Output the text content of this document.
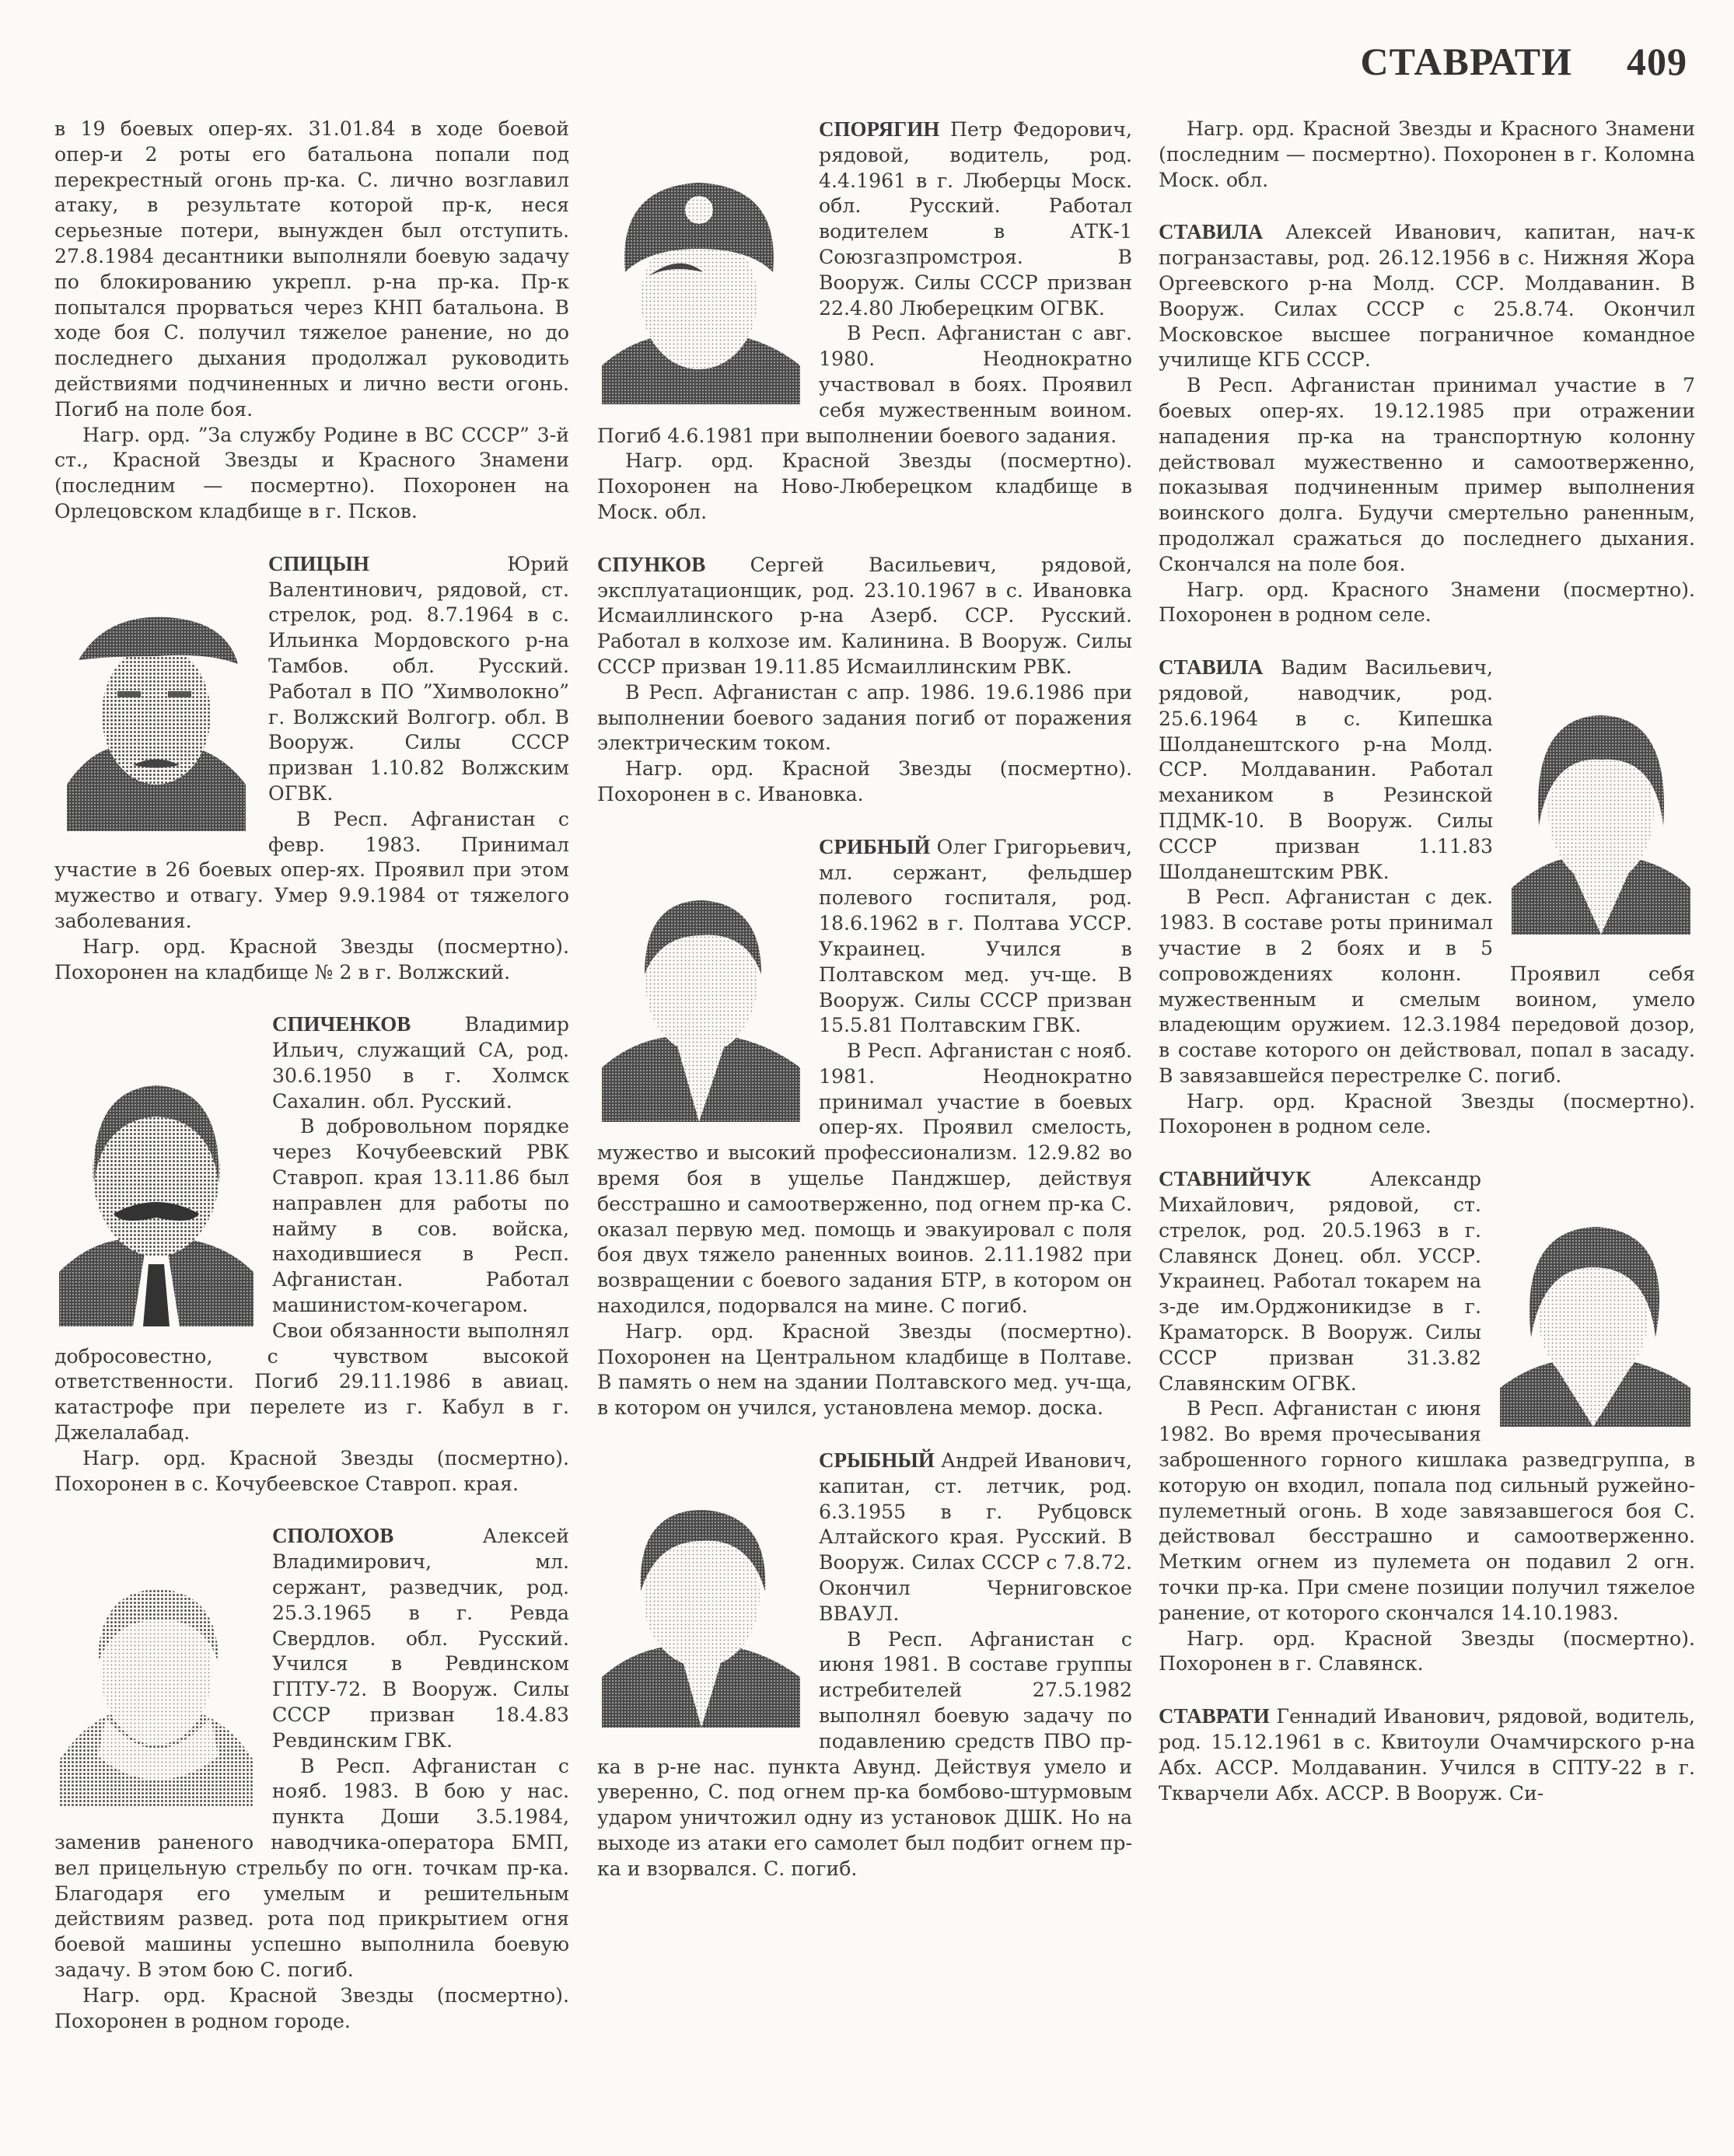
СТАВРАТИ 409

в 19 боевых опер-ях. 31.01.84 в ходе боевой опер-и 2 роты его батальона попали под перекрестный огонь пр-ка. С. лично возглавил атаку, в результате которой пр-к, неся серьезные потери, вынужден был отступить. 27.8.1984 десантники выполняли боевую задачу по блокированию укрепл. р-на пр-ка. Пр-к попытался прорваться через КНП батальона. В ходе боя С. получил тяжелое ранение, но до последнего дыхания продолжал руководить действиями подчиненных и лично вести огонь. Погиб на поле боя.

Нагр. орд. ”За службу Родине в ВС СССР” 3-й ст., Красной Звезды и Красного Знамени (последним — посмертно). Похоронен на Орлецовском кладбище в г. Псков.

СПИЦЫН	Юрий Валентинович, рядовой, ст. стрелок, род. 8.7.1964 в с. Ильинка Мордовского р-на Тамбов. обл. Русский. Работал в ПО ”Химволокно” г. Волжский Волгогр. обл. В Вооруж. Силы СССР призван 1.10.82 Волжским ОГВК.

В Респ. Афганистан с февр. 1983. Принимал участие в 26 боевых опер-ях. Проявил при этом мужество и отвагу. Умер 9.9.1984 от тяжелого заболевания.

Нагр. орд. Красной Звезды (посмертно). Похоронен на кладбище № 2 в г. Волжский.

СПИЧЕНКОВ	Владимир Ильич, служащий СА, род. 30.6.1950 в г. Холмск Сахалин. обл. Русский.

В добровольном порядке через Кочубеевский РВК Ставроп. края 13.11.86 был направлен для работы по найму в сов. войска, находившиеся в Респ. Афганистан. Работал машинистом-кочегаром. Свои обязанности выполнял добросовестно, с чувством высокой ответственности. Погиб 29.11.1986 в авиац. катастрофе при перелете из г. Кабул в г. Джелалабад.

Нагр. орд. Красной Звезды (посмертно). Похоронен в с. Кочубеевское Ставроп. края.

СПОЛОХОВ	Алексей Владимирович, мл. сержант, разведчик, род. 25.3.1965 в г. Ревда Свердлов. обл. Русский. Учился в Ревдинском ГПТУ-72. В Вооруж. Силы СССР призван 18.4.83 Ревдинским ГВК.

В Респ. Афганистан с нояб. 1983. В бою у нас. пункта Доши 3.5.1984, заменив раненого наводчика-оператора БМП, вел прицельную стрельбу по огн. точкам пр-ка. Благодаря его умелым и решительным действиям развед. рота под прикрытием огня боевой машины успешно выполнила боевую задачу. В этом бою С. погиб.

Нагр. орд. Красной Звезды (посмертно). Похоронен в родном городе.

СПОРЯГИН Петр Федорович, рядовой, водитель, род. 4.4.1961 в г. Люберцы Моск. обл. Русский. Работал водителем в АТК-1 Союзгазпромстроя. В Вооруж. Силы СССР призван 22.4.80 Люберецким ОГВК.

В Респ. Афганистан с авг. 1980. Неоднократно участвовал в боях. Проявил себя мужественным воином. Погиб 4.6.1981 при выполнении боевого задания.

Нагр. орд. Красной Звезды (посмертно). Похоронен на Ново-Люберецком кладбище в Моск. обл.

СПУНКОВ Сергей Васильевич, рядовой, эксплуатационщик, род. 23.10.1967 в с. Ивановка Исмаиллинского р-на Азерб. ССР. Русский. Работал в колхозе им. Калинина. В Вооруж. Силы СССР призван 19.11.85 Исмаиллинским РВК.

В Респ. Афганистан с апр. 1986. 19.6.1986 при выполнении боевого задания погиб от поражения электрическим током.

Нагр. орд. Красной Звезды (посмертно). Похоронен в с. Ивановка.

СРИБНЫЙ Олег Григорьевич, мл. сержант, фельдшер полевого госпиталя, род. 18.6.1962 в г. Полтава УССР. Украинец. Учился в Полтавском мед. уч-ще. В Вооруж. Силы СССР призван 15.5.81 Полтавским ГВК.

В Респ. Афганистан с нояб. 1981. Неоднократно принимал участие в боевых опер-ях. Проявил смелость, мужество и высокий профессионализм. 12.9.82 во время боя в ущелье Панджшер, действуя бесстрашно и самоотверженно, под огнем пр-ка С. оказал первую мед. помощь и эвакуировал с поля боя двух тяжело раненных воинов. 2.11.1982 при возвращении с боевого задания БТР, в котором он находился, подорвался на мине. С погиб.

Нагр. орд. Красной Звезды (посмертно). Похоронен на Центральном кладбище в Полтаве. В память о нем на здании Полтавского мед. уч-ща, в котором он учился, установлена мемор. доска.

СРЫБНЫЙ Андрей Иванович, капитан, ст. летчик, род. 6.3.1955 в г. Рубцовск Алтайского края. Русский. В Вооруж. Силах СССР с 7.8.72. Окончил Черниговское ВВАУЛ.

В Респ. Афганистан с июня 1981. В составе группы истребителей 27.5.1982 выполнял боевую задачу по подавлению средств ПВО пр-ка в р-не нас. пункта Авунд. Действуя умело и уверенно, С. под огнем пр-ка бомбово-штурмовым ударом уничтожил одну из установок ДШК. Но на выходе из атаки его самолет был подбит огнем пр-ка и взорвался. С. погиб.

Нагр. орд. Красной Звезды и Красного Знамени (последним — посмертно). Похоронен в г. Коломна Моск. обл.

СТАВИЛА Алексей Иванович, капитан, нач-к погранзаставы, род. 26.12.1956 в с. Нижняя Жора Оргеевского р-на Молд. ССР. Молдаванин. В Вооруж. Силах СССР с 25.8.74. Окончил Московское высшее пограничное командное училище КГБ СССР.

В Респ. Афганистан принимал участие в 7 боевых опер-ях. 19.12.1985 при отражении нападения пр-ка на транспортную колонну действовал мужественно и самоотверженно, показывая подчиненным пример выполнения воинского долга. Будучи смертельно раненным, продолжал сражаться до последнего дыхания. Скончался на поле боя.

Нагр. орд. Красного Знамени (посмертно). Похоронен в родном селе.

СТАВИЛА Вадим Васильевич, рядовой, наводчик, род. 25.6.1964 в с. Кипешка Шолданештского р-на Молд. ССР. Молдаванин. Работал механиком в Резинской ПДМК-10. В Вооруж. Силы СССР призван 1.11.83 Шолданештским РВК.

В Респ. Афганистан с дек. 1983. В составе роты принимал участие в 2 боях и в 5 сопровождениях колонн. Проявил себя мужественным и смелым воином, умело владеющим оружием. 12.3.1984 передовой дозор, в составе которого он действовал, попал в засаду. В завязавшейся перестрелке С. погиб.

Нагр. орд. Красной Звезды (посмертно). Похоронен в родном селе.

СТАВНИЙЧУК	Александр Михайлович, рядовой, ст. стрелок, род. 20.5.1963 в г. Славянск Донец. обл. УССР. Украинец. Работал токарем на з-де им.Орджоникидзе в г. Краматорск. В Вооруж. Силы СССР призван 31.3.82 Славянским ОГВК.

В Респ. Афганистан с июня 1982. Во время прочесывания заброшенного горного кишлака разведгруппа, в которую он входил, попала под сильный ружейно-пулеметный огонь. В ходе завязавшегося боя С. действовал бесстрашно и самоотверженно. Метким огнем из пулемета он подавил 2 огн. точки пр-ка. При смене позиции получил тяжелое ранение, от которого скончался 14.10.1983.

Нагр. орд. Красной Звезды (посмертно). Похоронен в г. Славянск.

СТАВРАТИ Геннадий Иванович, рядовой, водитель, род. 15.12.1961 в с. Квитоули Очамчирского р-на Абх. АССР. Молдаванин. Учился в СПТУ-22 в г. Ткварчели Абх. АССР. В Вооруж. Си-
